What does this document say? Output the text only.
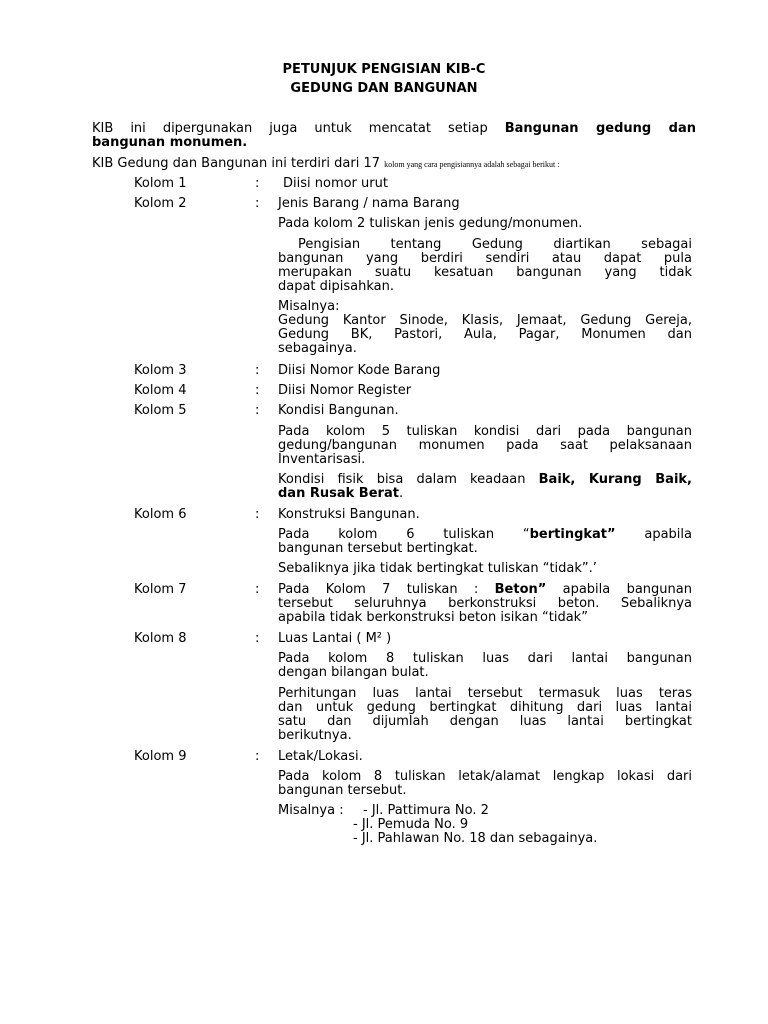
PETUNJUK PENGISIAN KIB-C
GEDUNG DAN BANGUNAN
KIB ini dipergunakan juga untuk mencatat setiap Bangunan gedung dan
bangunan monumen.
KIB Gedung dan Bangunan ini terdiri dari 17 kolom yang cara pengisiannya adalah sebagai berikut :
Kolom 1	: Diisi nomor urut
Kolom 2	: Jenis Barang / nama Barang
Pada kolom 2 tuliskan jenis gedung/monumen.
Pengisian tentang Gedung diartikan sebagai
bangunan yang berdiri sendiri atau dapat pula
merupakan suatu kesatuan bangunan yang tidak
dapat dipisahkan.
Misalnya:
Gedung Kantor Sinode, Klasis, Jemaat, Gedung Gereja,
Gedung BK, Pastori, Aula, Pagar, Monumen dan
sebagainya.
Kolom 3	: Diisi Nomor Kode Barang
Kolom 4	: Diisi Nomor Register
Kolom 5	: Kondisi Bangunan.
Pada kolom 5 tuliskan kondisi dari pada bangunan
gedung/bangunan monumen pada saat pelaksanaan
Inventarisasi.
Kondisi fisik bisa dalam keadaan Baik, Kurang Baik,
dan Rusak Berat.
Kolom 6	: Konstruksi Bangunan.
Pada kolom 6 tuliskan “bertingkat” apabila
bangunan tersebut bertingkat.
Sebaliknya jika tidak bertingkat tuliskan “tidak”.’
Kolom 7	: Pada Kolom 7 tuliskan : Beton” apabila bangunan
tersebut seluruhnya berkonstruksi beton. Sebaliknya
apabila tidak berkonstruksi beton isikan “tidak”
Kolom 8	: Luas Lantai ( M² )
Pada kolom 8 tuliskan luas dari lantai bangunan
dengan bilangan bulat.
Perhitungan luas lantai tersebut termasuk luas teras
dan untuk gedung bertingkat dihitung dari luas lantai
satu dan dijumlah dengan luas lantai bertingkat
berikutnya.
Kolom 9	: Letak/Lokasi.
Pada kolom 8 tuliskan letak/alamat lengkap lokasi dari
bangunan tersebut.
Misalnya :	- Jl. Pattimura No. 2
- Jl. Pemuda No. 9
- Jl. Pahlawan No. 18 dan sebagainya.
